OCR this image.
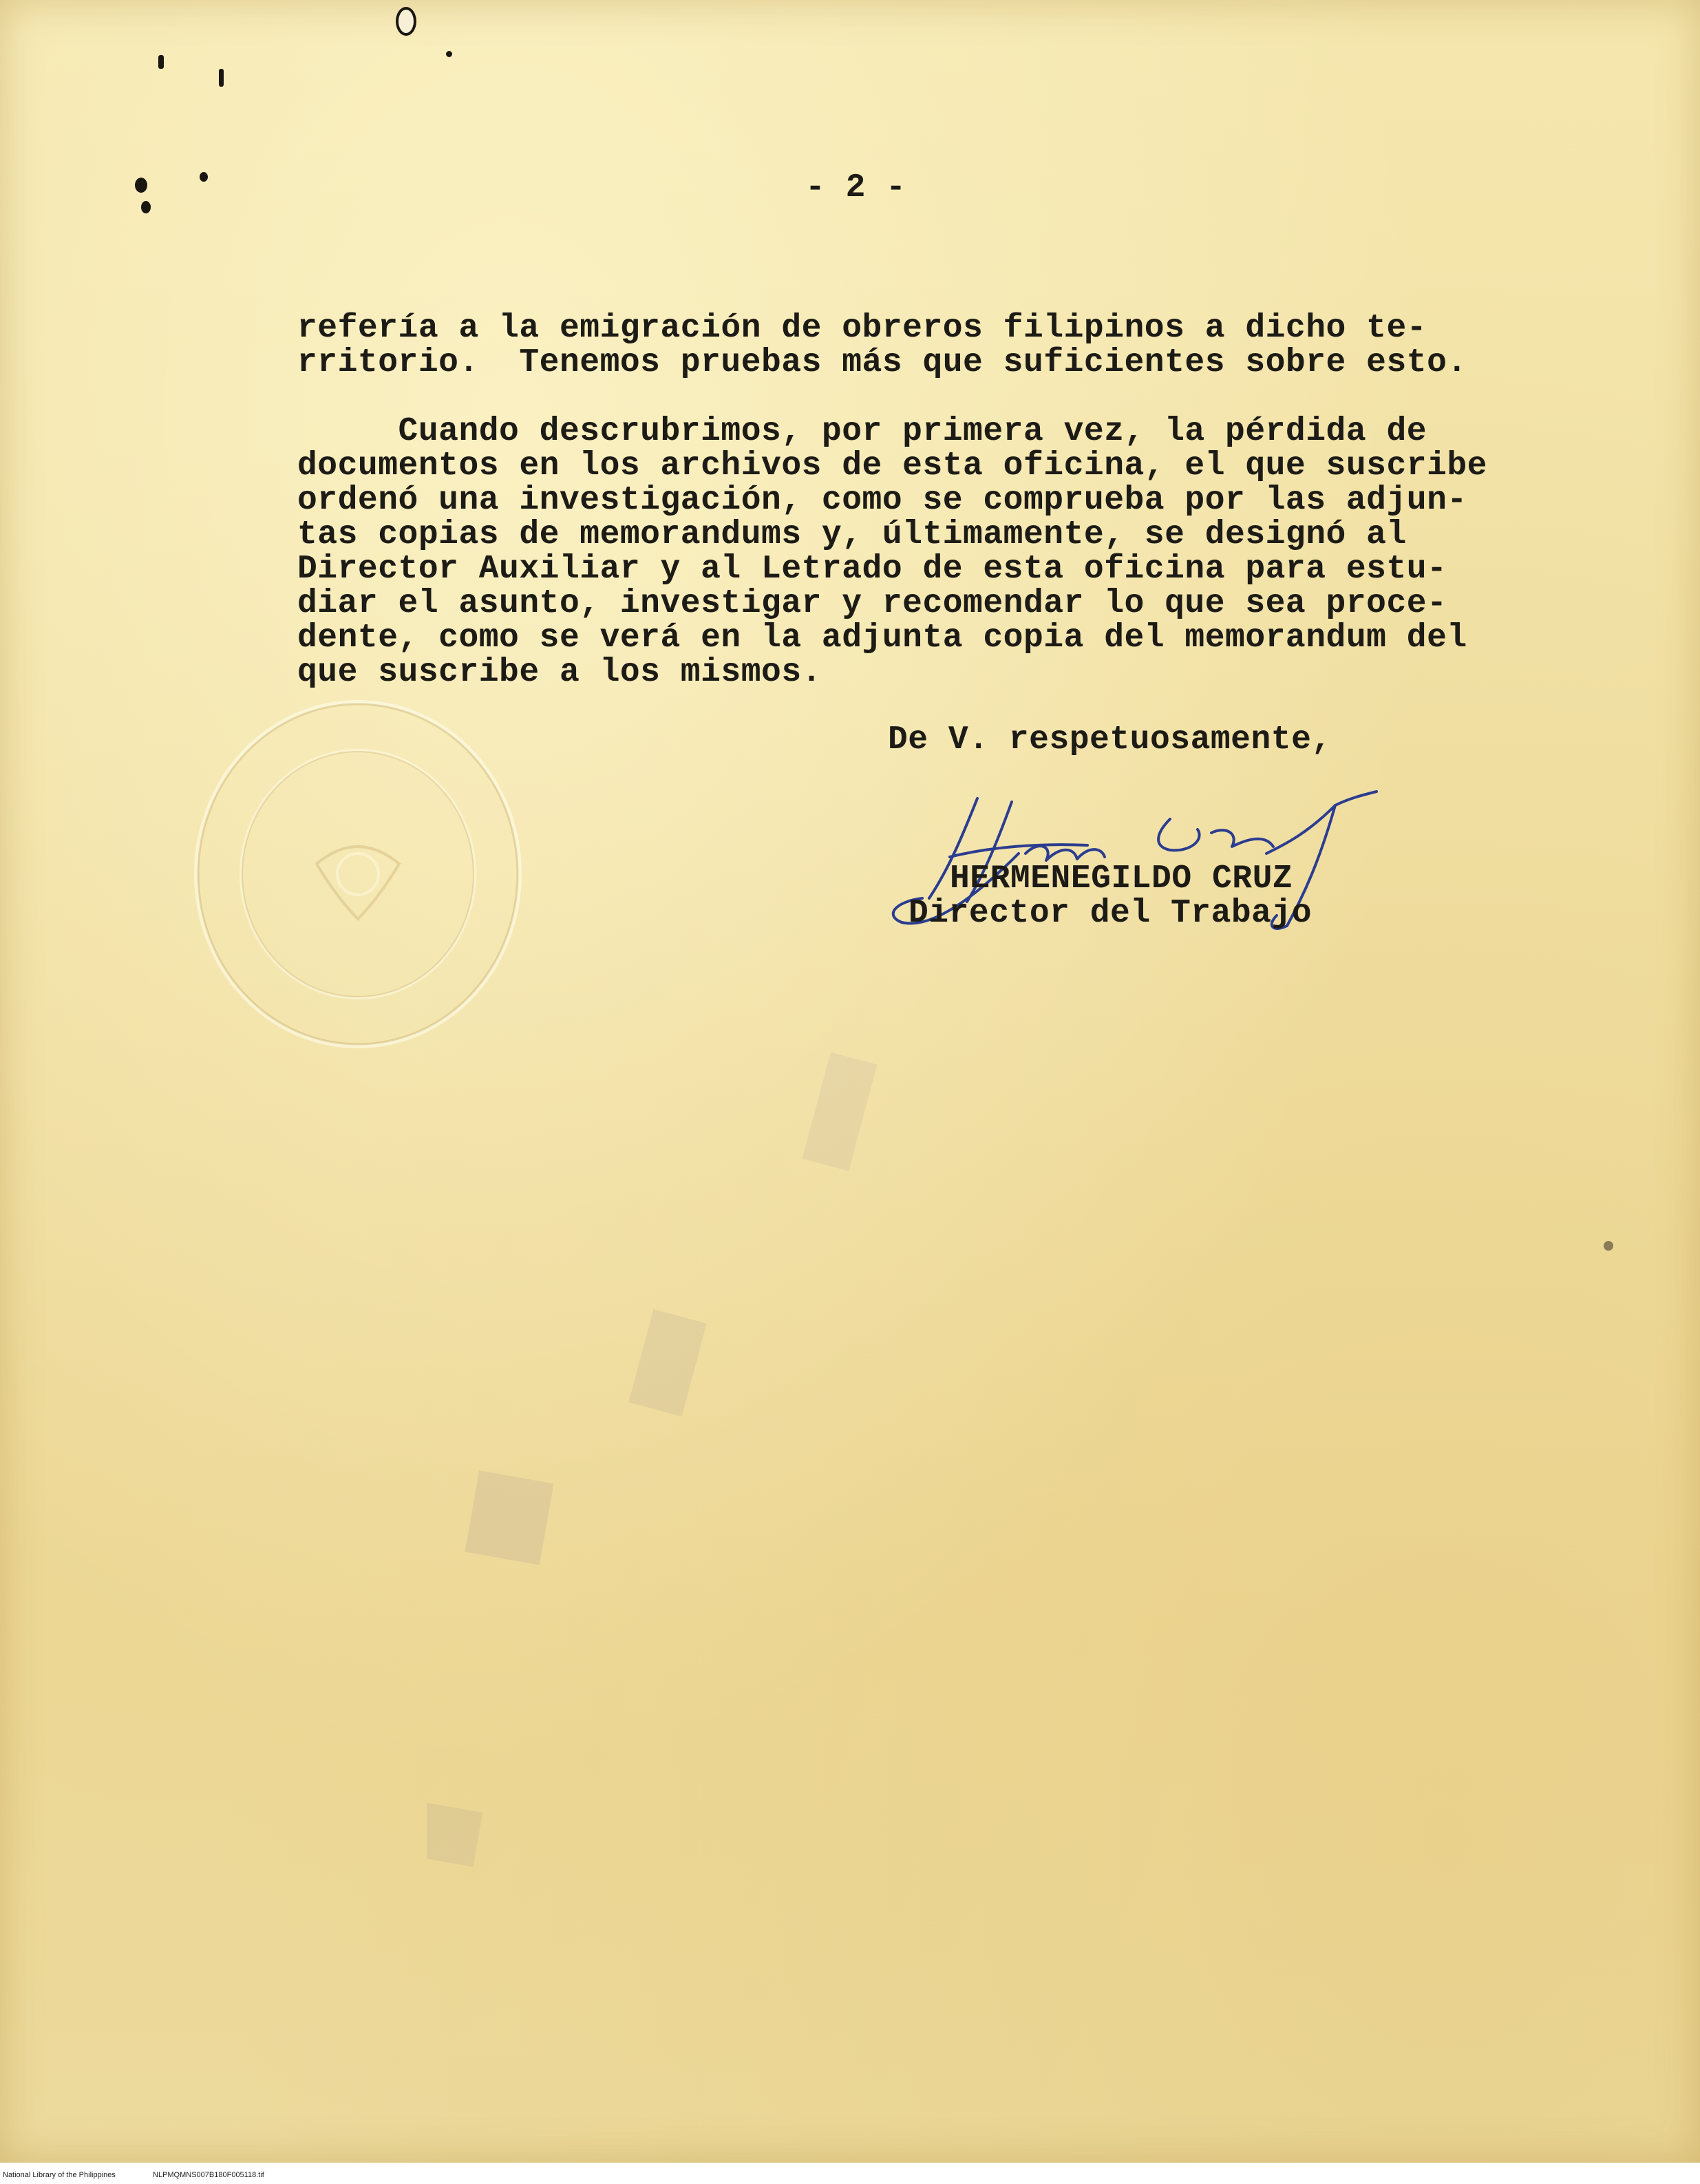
- 2 -
refería a la emigración de obreros filipinos a dicho te-
rritorio.  Tenemos pruebas más que suficientes sobre esto.
Cuando descrubrimos, por primera vez, la pérdida de
documentos en los archivos de esta oficina, el que suscribe
ordenó una investigación, como se comprueba por las adjun-
tas copias de memorandums y, últimamente, se designó al
Director Auxiliar y al Letrado de esta oficina para estu-
diar el asunto, investigar y recomendar lo que sea proce-
dente, como se verá en la adjunta copia del memorandum del
que suscribe a los mismos.
De V. respetuosamente,
HERMENEGILDO CRUZ
Director del Trabajo
National Library of the Philippines	NLPMQMNS007B180F005118.tif
